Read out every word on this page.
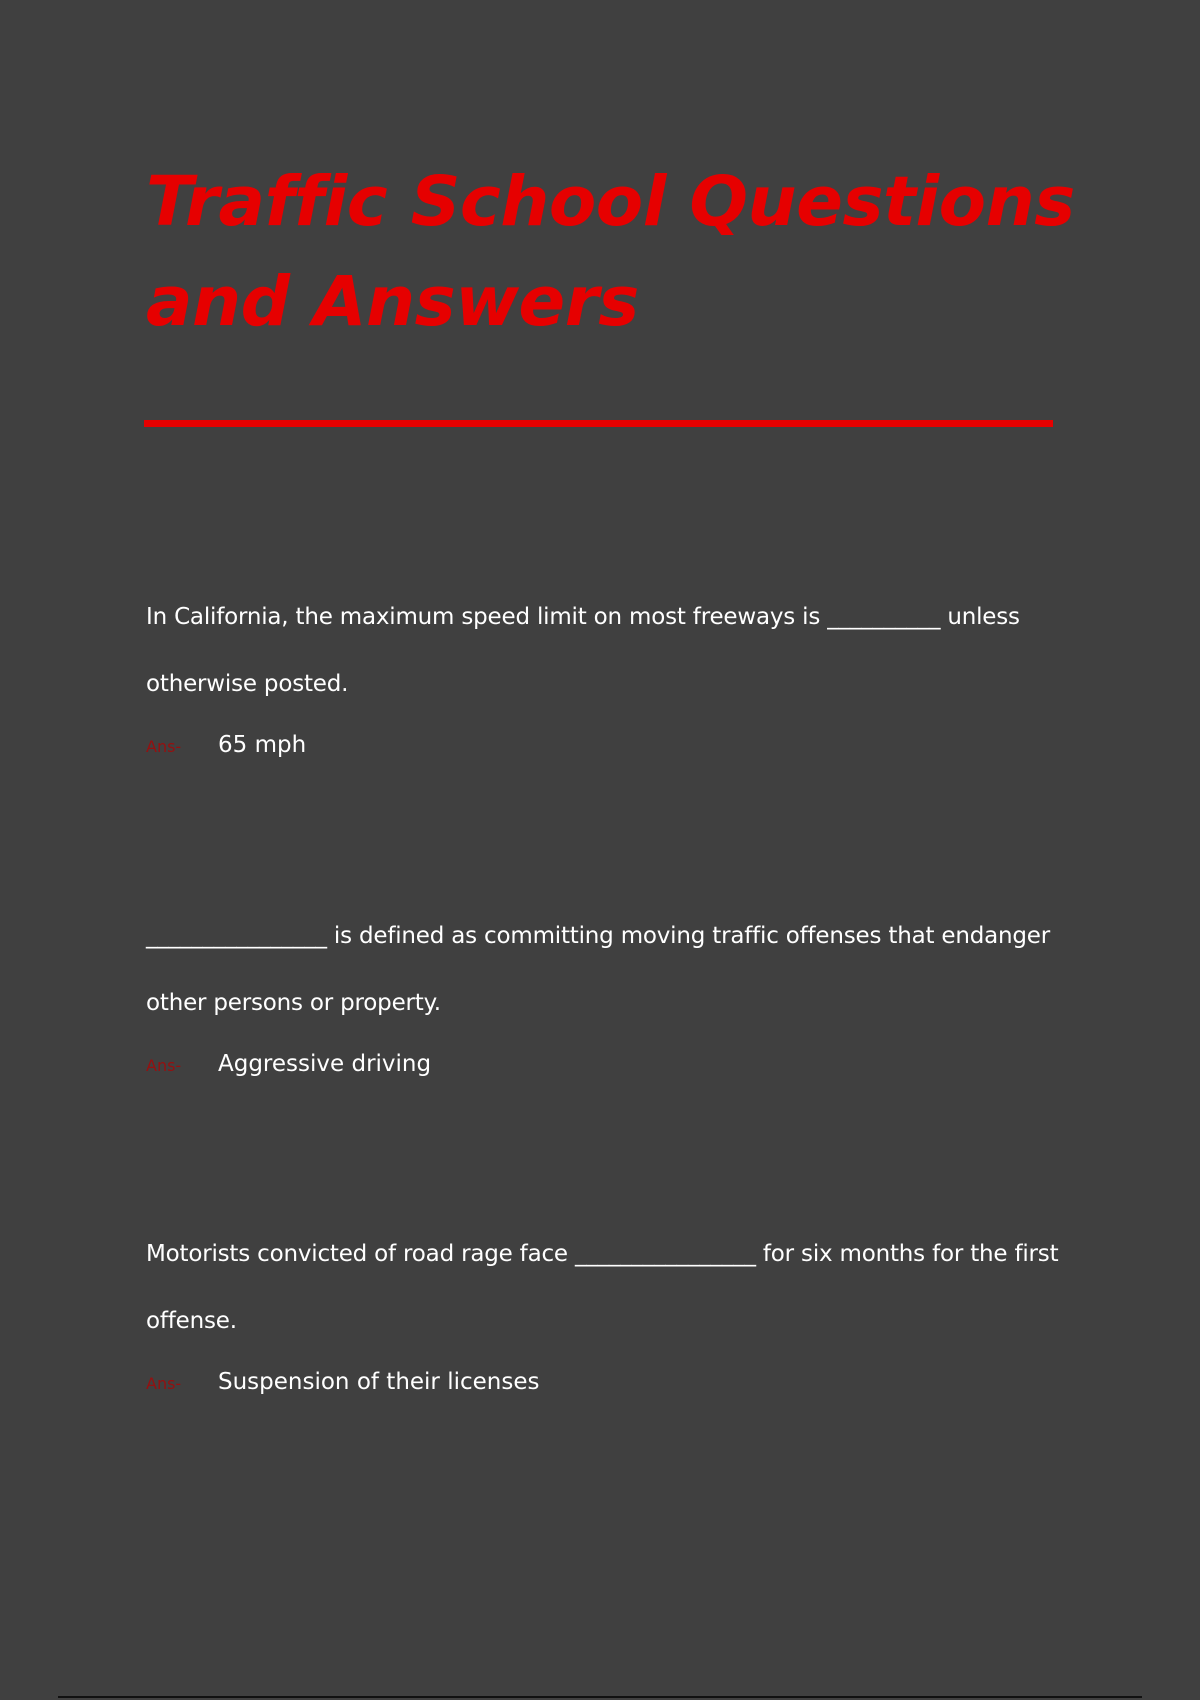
Traffic School Questions and Answers

In California, the maximum speed limit on most freeways is __________ unless otherwise posted.

Ans- 65 mph

________________ is defined as committing moving traffic offenses that endanger other persons or property.

Ans- Aggressive driving

Motorists convicted of road rage face ________________ for six months for the first offense.

Ans- Suspension of their licenses
